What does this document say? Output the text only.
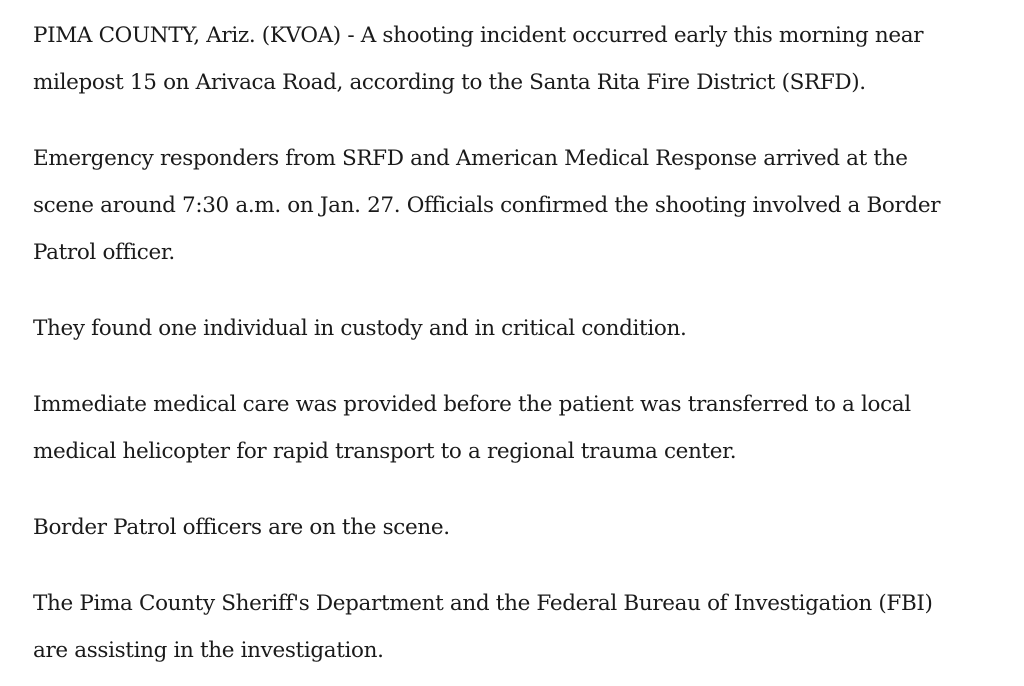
PIMA COUNTY, Ariz. (KVOA) - A shooting incident occurred early this morning near
milepost 15 on Arivaca Road, according to the Santa Rita Fire District (SRFD).

Emergency responders from SRFD and American Medical Response arrived at the
scene around 7:30 a.m. on Jan. 27. Officials confirmed the shooting involved a Border
Patrol officer.

They found one individual in custody and in critical condition.

Immediate medical care was provided before the patient was transferred to a local
medical helicopter for rapid transport to a regional trauma center.

Border Patrol officers are on the scene.

The Pima County Sheriff's Department and the Federal Bureau of Investigation (FBI)
are assisting in the investigation.
